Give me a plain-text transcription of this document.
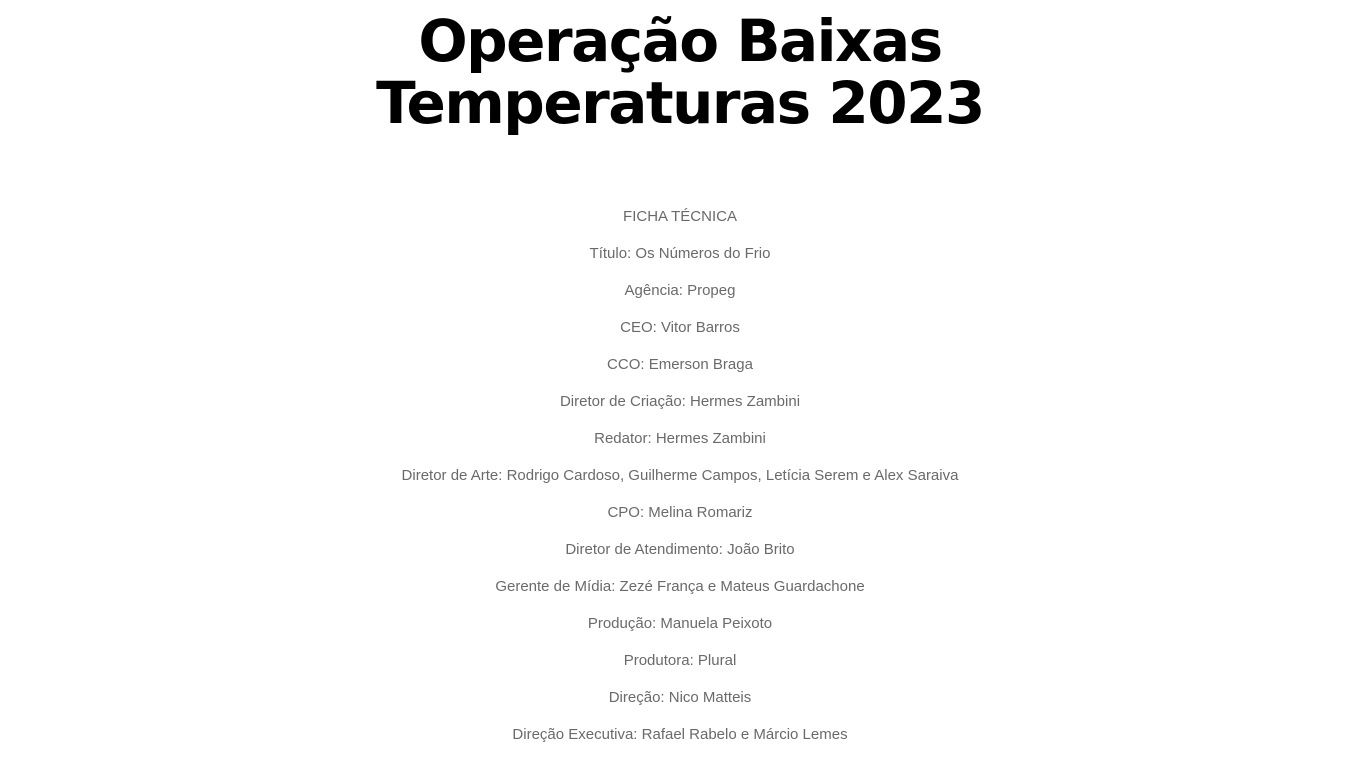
Operação Baixas
Temperaturas 2023
FICHA TÉCNICA
Título: Os Números do Frio
Agência: Propeg
CEO: Vitor Barros
CCO: Emerson Braga
Diretor de Criação: Hermes Zambini
Redator: Hermes Zambini
Diretor de Arte: Rodrigo Cardoso, Guilherme Campos, Letícia Serem e Alex Saraiva
CPO: Melina Romariz
Diretor de Atendimento: João Brito
Gerente de Mídia: Zezé França e Mateus Guardachone
Produção: Manuela Peixoto
Produtora: Plural
Direção: Nico Matteis
Direção Executiva: Rafael Rabelo e Márcio Lemes
